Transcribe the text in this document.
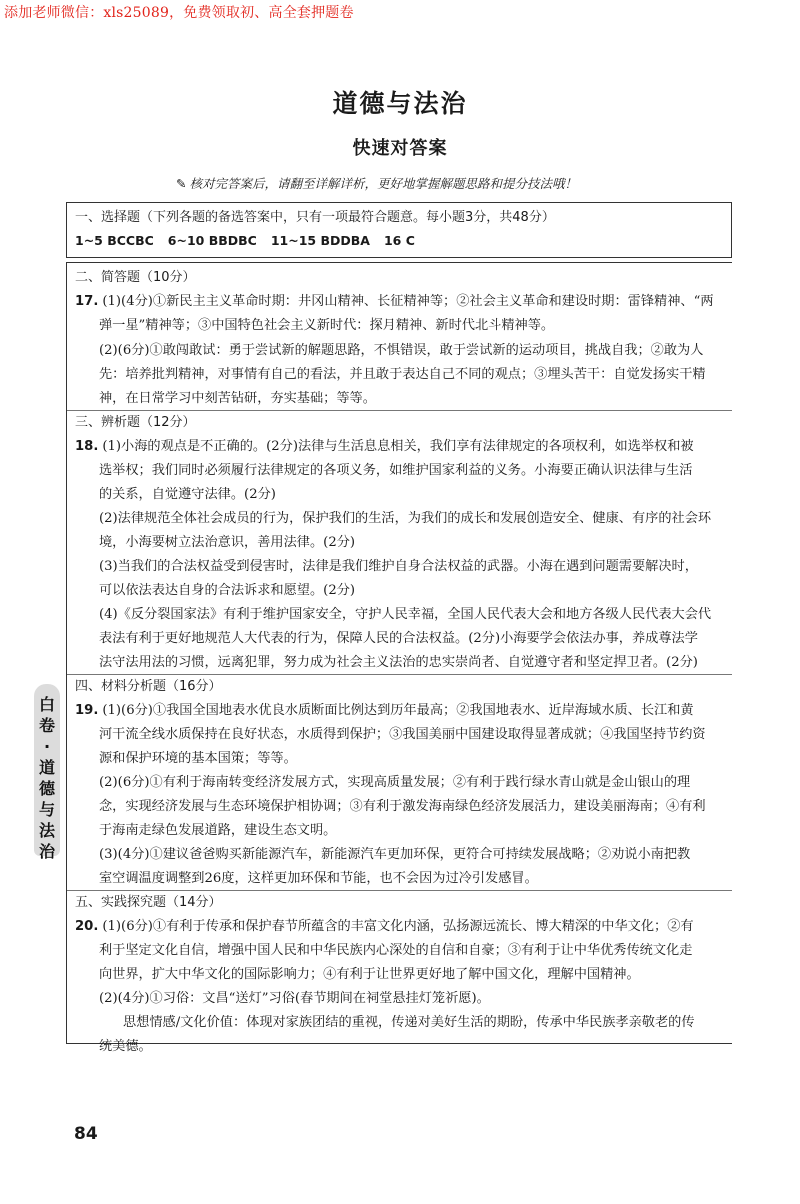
添加老师微信：xls25089，免费领取初、高全套押题卷
道德与法治
快速对答案
✎ 核对完答案后，请翻至详解详析，更好地掌握解题思路和提分技法哦！
一、选择题（下列各题的备选答案中，只有一项最符合题意。每小题3分，共48分）
1~5 BCCBC 6~10 BBDBC 11~15 BDDBA 16 C
二、简答题（10分）
17. (1)(4分)①新民主主义革命时期：井冈山精神、长征精神等；②社会主义革命和建设时期：雷锋精神、“两
弹一星”精神等；③中国特色社会主义新时代：探月精神、新时代北斗精神等。
(2)(6分)①敢闯敢试：勇于尝试新的解题思路，不惧错误，敢于尝试新的运动项目，挑战自我；②敢为人
先：培养批判精神，对事情有自己的看法，并且敢于表达自己不同的观点；③埋头苦干：自觉发扬实干精
神，在日常学习中刻苦钻研，夯实基础；等等。
三、辨析题（12分）
18. (1)小海的观点是不正确的。(2分)法律与生活息息相关，我们享有法律规定的各项权利，如选举权和被
选举权；我们同时必须履行法律规定的各项义务，如维护国家利益的义务。小海要正确认识法律与生活
的关系，自觉遵守法律。(2分)
(2)法律规范全体社会成员的行为，保护我们的生活，为我们的成长和发展创造安全、健康、有序的社会环
境，小海要树立法治意识，善用法律。(2分)
(3)当我们的合法权益受到侵害时，法律是我们维护自身合法权益的武器。小海在遇到问题需要解决时，
可以依法表达自身的合法诉求和愿望。(2分)
(4)《反分裂国家法》有利于维护国家安全，守护人民幸福，全国人民代表大会和地方各级人民代表大会代
表法有利于更好地规范人大代表的行为，保障人民的合法权益。(2分)小海要学会依法办事，养成尊法学
法守法用法的习惯，远离犯罪，努力成为社会主义法治的忠实崇尚者、自觉遵守者和坚定捍卫者。(2分)
四、材料分析题（16分）
19. (1)(6分)①我国全国地表水优良水质断面比例达到历年最高；②我国地表水、近岸海域水质、长江和黄
河干流全线水质保持在良好状态，水质得到保护；③我国美丽中国建设取得显著成就；④我国坚持节约资
源和保护环境的基本国策；等等。
(2)(6分)①有利于海南转变经济发展方式，实现高质量发展；②有利于践行绿水青山就是金山银山的理
念，实现经济发展与生态环境保护相协调；③有利于激发海南绿色经济发展活力，建设美丽海南；④有利
于海南走绿色发展道路，建设生态文明。
(3)(4分)①建议爸爸购买新能源汽车，新能源汽车更加环保，更符合可持续发展战略；②劝说小南把教
室空调温度调整到26度，这样更加环保和节能，也不会因为过冷引发感冒。
五、实践探究题（14分）
20. (1)(6分)①有利于传承和保护春节所蕴含的丰富文化内涵，弘扬源远流长、博大精深的中华文化；②有
利于坚定文化自信，增强中国人民和中华民族内心深处的自信和自豪；③有利于让中华优秀传统文化走
向世界，扩大中华文化的国际影响力；④有利于让世界更好地了解中国文化，理解中国精神。
(2)(4分)①习俗：文昌“送灯”习俗(春节期间在祠堂悬挂灯笼祈愿)。
思想情感/文化价值：体现对家族团结的重视，传递对美好生活的期盼，传承中华民族孝亲敬老的传
统美德。
白
卷
·
道
德
与
法
治
84
